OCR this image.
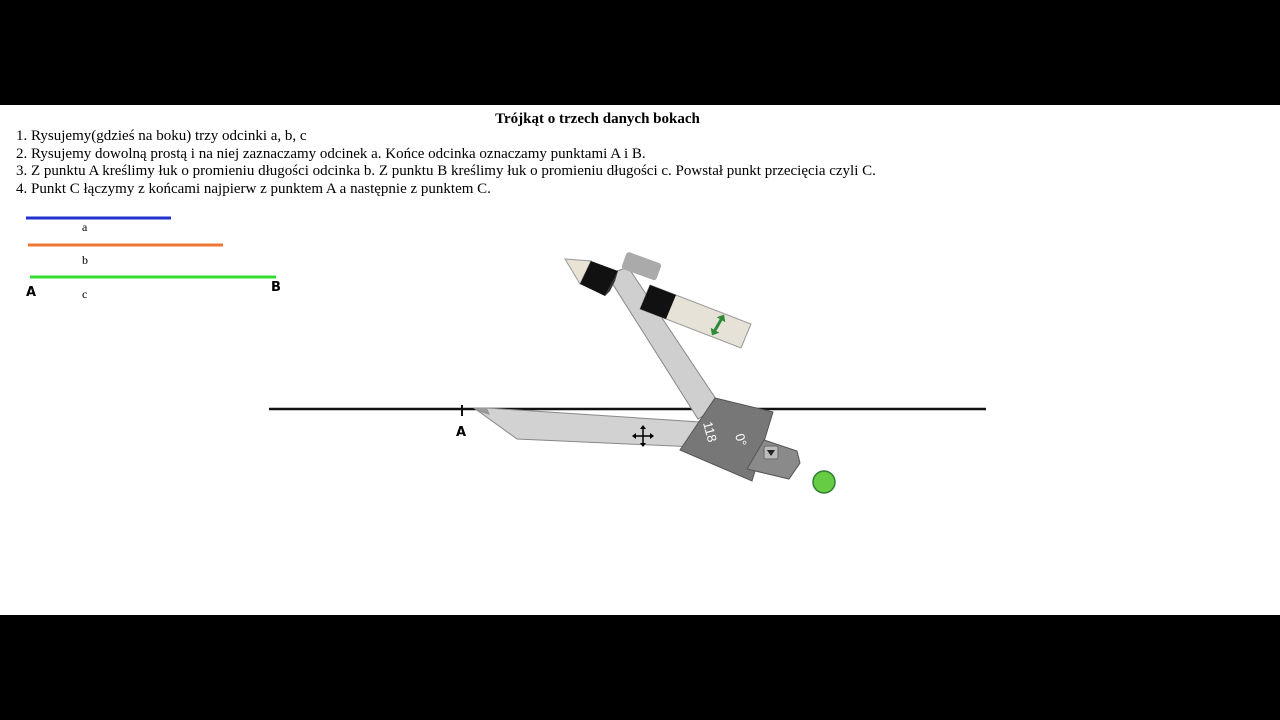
Trójkąt o trzech danych bokach
1. Rysujemy(gdzieś na boku) trzy odcinki a, b, c
2. Rysujemy dowolną prostą i na niej zaznaczamy odcinek a. Końce odcinka oznaczamy punktami A i B.
3. Z punktu A kreślimy łuk o promieniu długości odcinka b. Z punktu B kreślimy łuk o promieniu długości c. Powstał punkt przecięcia czyli C.
4. Punkt C łączymy z końcami najpierw z punktem A a następnie z punktem C.
118 0°
a
b
c
A	B
A
